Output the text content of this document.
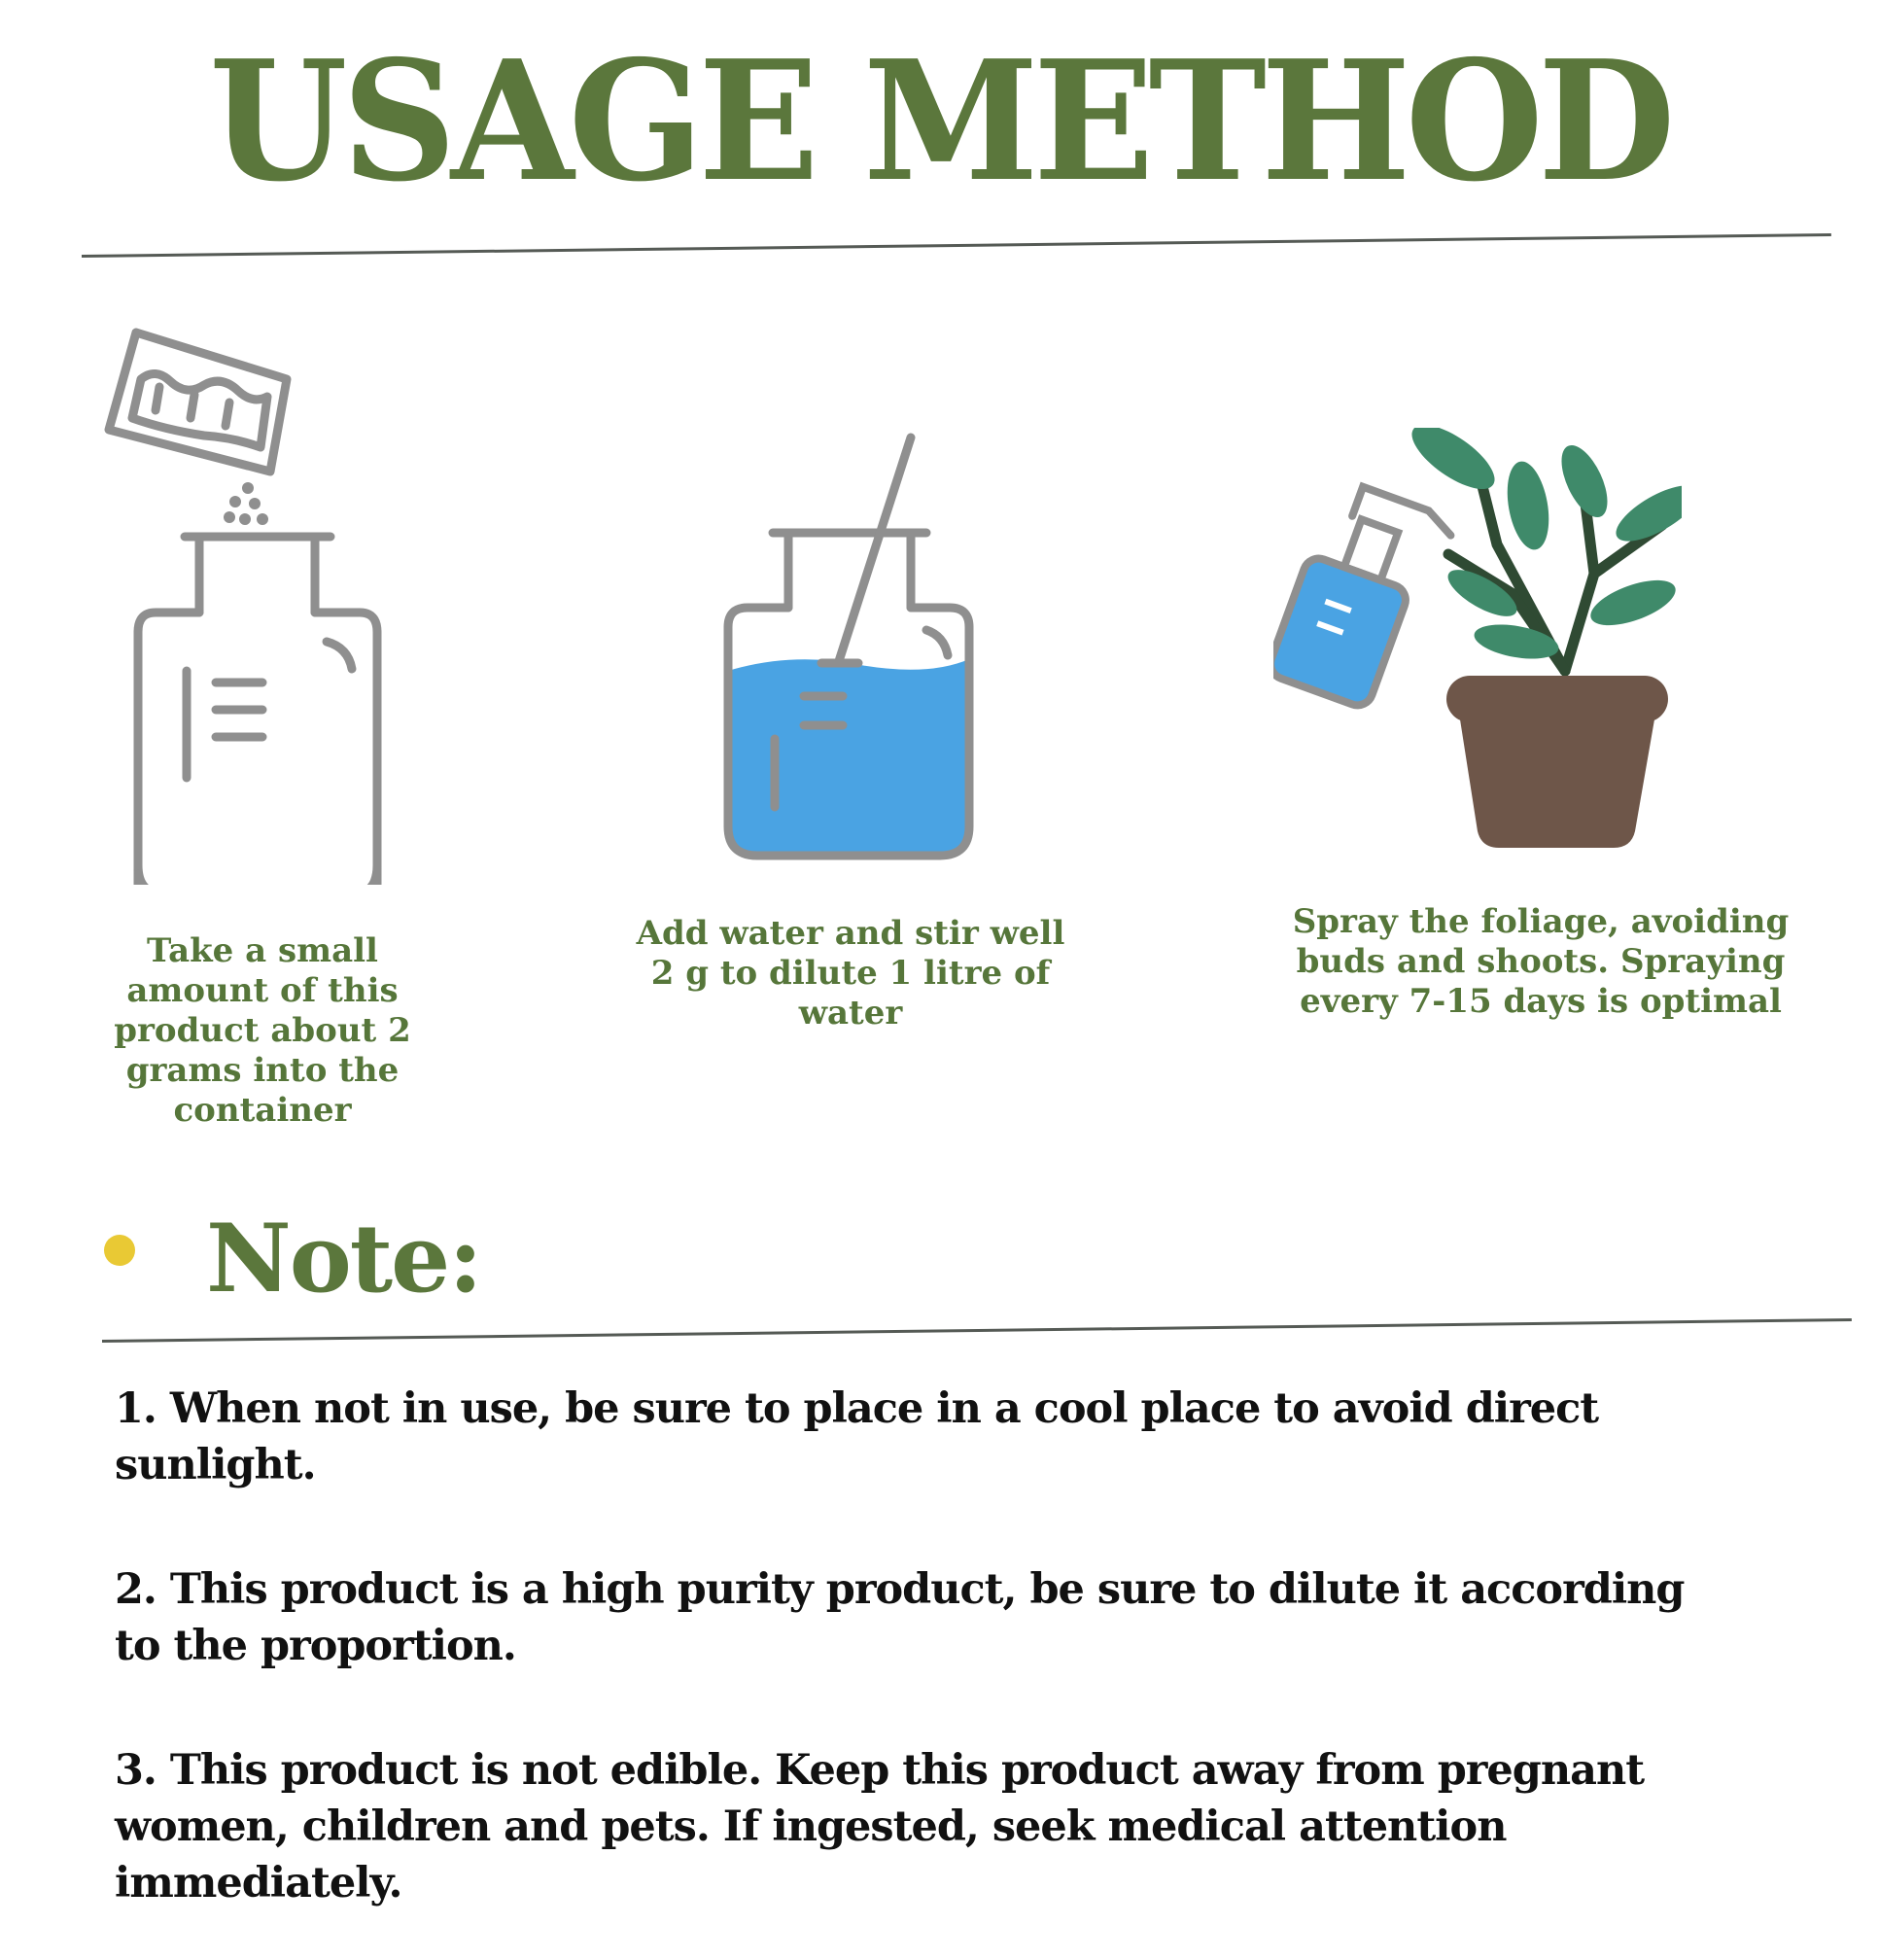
USAGE METHOD

Take a small amount of this product about 2 grams into the container

Add water and stir well 2 g to dilute 1 litre of water

Spray the foliage, avoiding buds and shoots. Spraying every 7-15 days is optimal

Note:
1. When not in use, be sure to place in a cool place to avoid direct sunlight.
2. This product is a high purity product, be sure to dilute it according to the proportion.
3. This product is not edible. Keep this product away from pregnant women, children and pets. If ingested, seek medical attention immediately.
